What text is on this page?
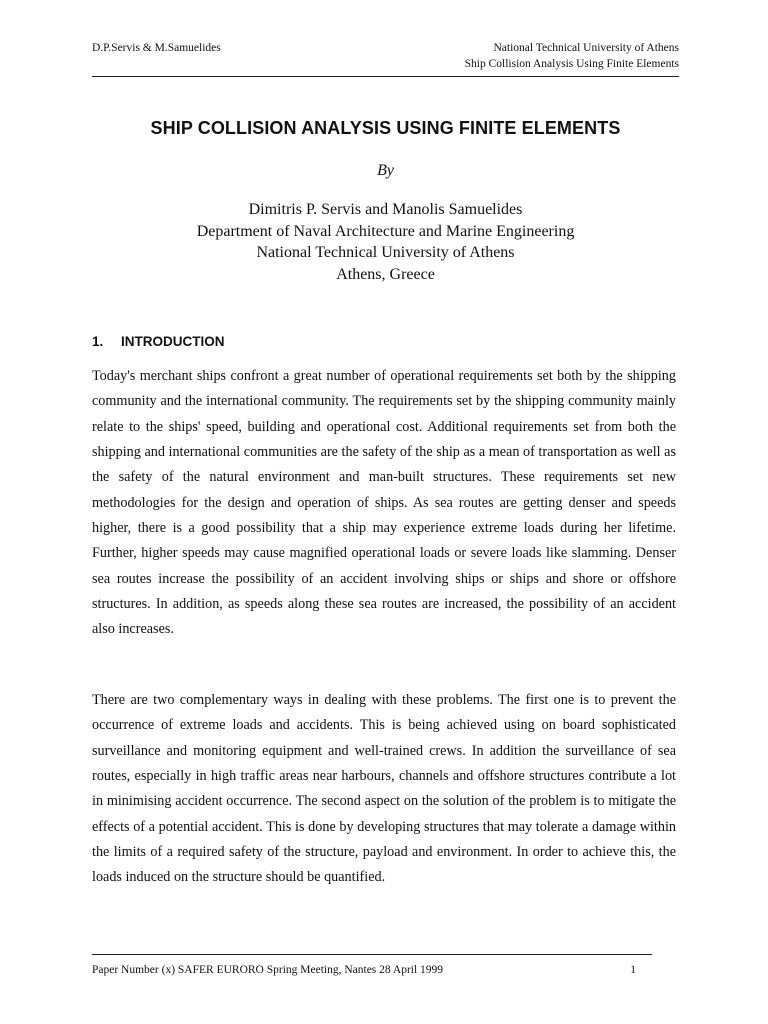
D.P.Servis & M.Samuelides	National Technical University of Athens
Ship Collision Analysis Using Finite Elements
SHIP COLLISION ANALYSIS USING FINITE ELEMENTS
By
Dimitris P. Servis and Manolis Samuelides
Department of Naval Architecture and Marine Engineering
National Technical University of Athens
Athens, Greece
1. INTRODUCTION

Today's merchant ships confront a great number of operational requirements set both by the shipping community and the international community. The requirements set by the shipping community mainly relate to the ships' speed, building and operational cost. Additional requirements set from both the shipping and international communities are the safety of the ship as a mean of transportation as well as the safety of the natural environment and man-built structures. These requirements set new methodologies for the design and operation of ships. As sea routes are getting denser and speeds higher, there is a good possibility that a ship may experience extreme loads during her lifetime. Further, higher speeds may cause magnified operational loads or severe loads like slamming. Denser sea routes increase the possibility of an accident involving ships or ships and shore or offshore structures. In addition, as speeds along these sea routes are increased, the possibility of an accident also increases.

There are two complementary ways in dealing with these problems. The first one is to prevent the occurrence of extreme loads and accidents. This is being achieved using on board sophisticated surveillance and monitoring equipment and well-trained crews. In addition the surveillance of sea routes, especially in high traffic areas near harbours, channels and offshore structures contribute a lot in minimising accident occurrence. The second aspect on the solution of the problem is to mitigate the effects of a potential accident. This is done by developing structures that may tolerate a damage within the limits of a required safety of the structure, payload and environment. In order to achieve this, the loads induced on the structure should be quantified.

Paper Number (x) SAFER EURORO Spring Meeting, Nantes 28 April 1999	1
